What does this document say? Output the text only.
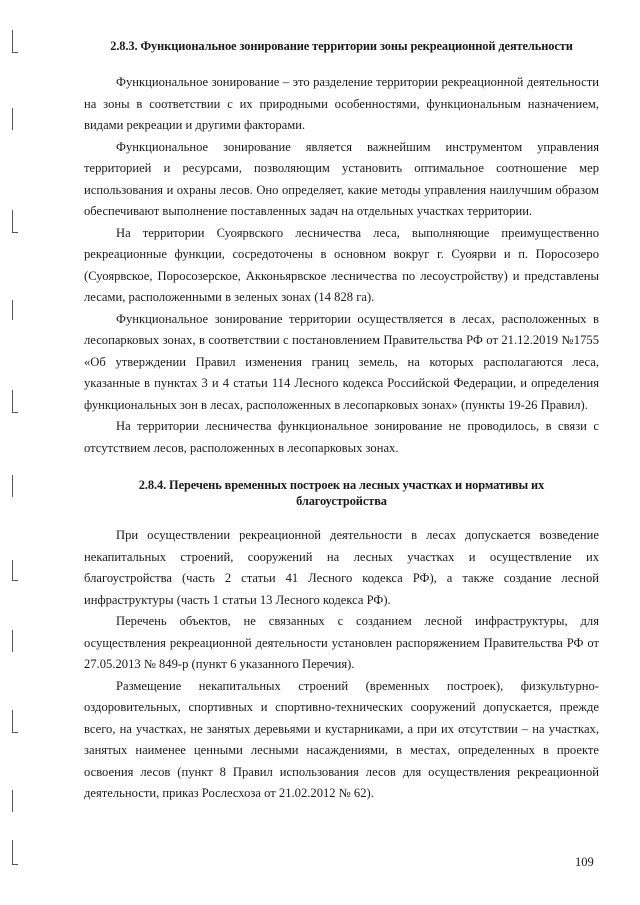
2.8.3. Функциональное зонирование территории зоны рекреационной деятельности

Функциональное зонирование – это разделение территории рекреационной деятельности на зоны в соответствии с их природными особенностями, функциональным назначением, видами рекреации и другими факторами.

Функциональное зонирование является важнейшим инструментом управления территорией и ресурсами, позволяющим установить оптимальное соотношение мер использования и охраны лесов. Оно определяет, какие методы управления наилучшим образом обеспечивают выполнение поставленных задач на отдельных участках территории.

На территории Суоярвского лесничества леса, выполняющие преимущественно рекреационные функции, сосредоточены в основном вокруг г. Суоярви и п. Поросозеро (Суоярвское, Поросозерское, Акконьярвское лесничества по лесоустройству) и представлены лесами, расположенными в зеленых зонах (14 828 га).

Функциональное зонирование территории осуществляется в лесах, расположенных в лесопарковых зонах, в соответствии с постановлением Правительства РФ от 21.12.2019 №1755 «Об утверждении Правил изменения границ земель, на которых располагаются леса, указанные в пунктах 3 и 4 статьи 114 Лесного кодекса Российской Федерации, и определения функциональных зон в лесах, расположенных в лесопарковых зонах» (пункты 19-26 Правил).

На территории лесничества функциональное зонирование не проводилось, в связи с отсутствием лесов, расположенных в лесопарковых зонах.

2.8.4. Перечень временных построек на лесных участках и нормативы их благоустройства

При осуществлении рекреационной деятельности в лесах допускается возведение некапитальных строений, сооружений на лесных участках и осуществление их благоустройства (часть 2 статьи 41 Лесного кодекса РФ), а также создание лесной инфраструктуры (часть 1 статьи 13 Лесного кодекса РФ).

Перечень объектов, не связанных с созданием лесной инфраструктуры, для осуществления рекреационной деятельности установлен распоряжением Правительства РФ от 27.05.2013 № 849-р (пункт 6 указанного Перечия).

Размещение некапитальных строений (временных построек), физкультурно-оздоровительных, спортивных и спортивно-технических сооружений допускается, прежде всего, на участках, не занятых деревьями и кустарниками, а при их отсутствии – на участках, занятых наименее ценными лесными насаждениями, в местах, определенных в проекте освоения лесов (пункт 8 Правил использования лесов для осуществления рекреационной деятельности, приказ Рослесхоза от 21.02.2012 № 62).

109
